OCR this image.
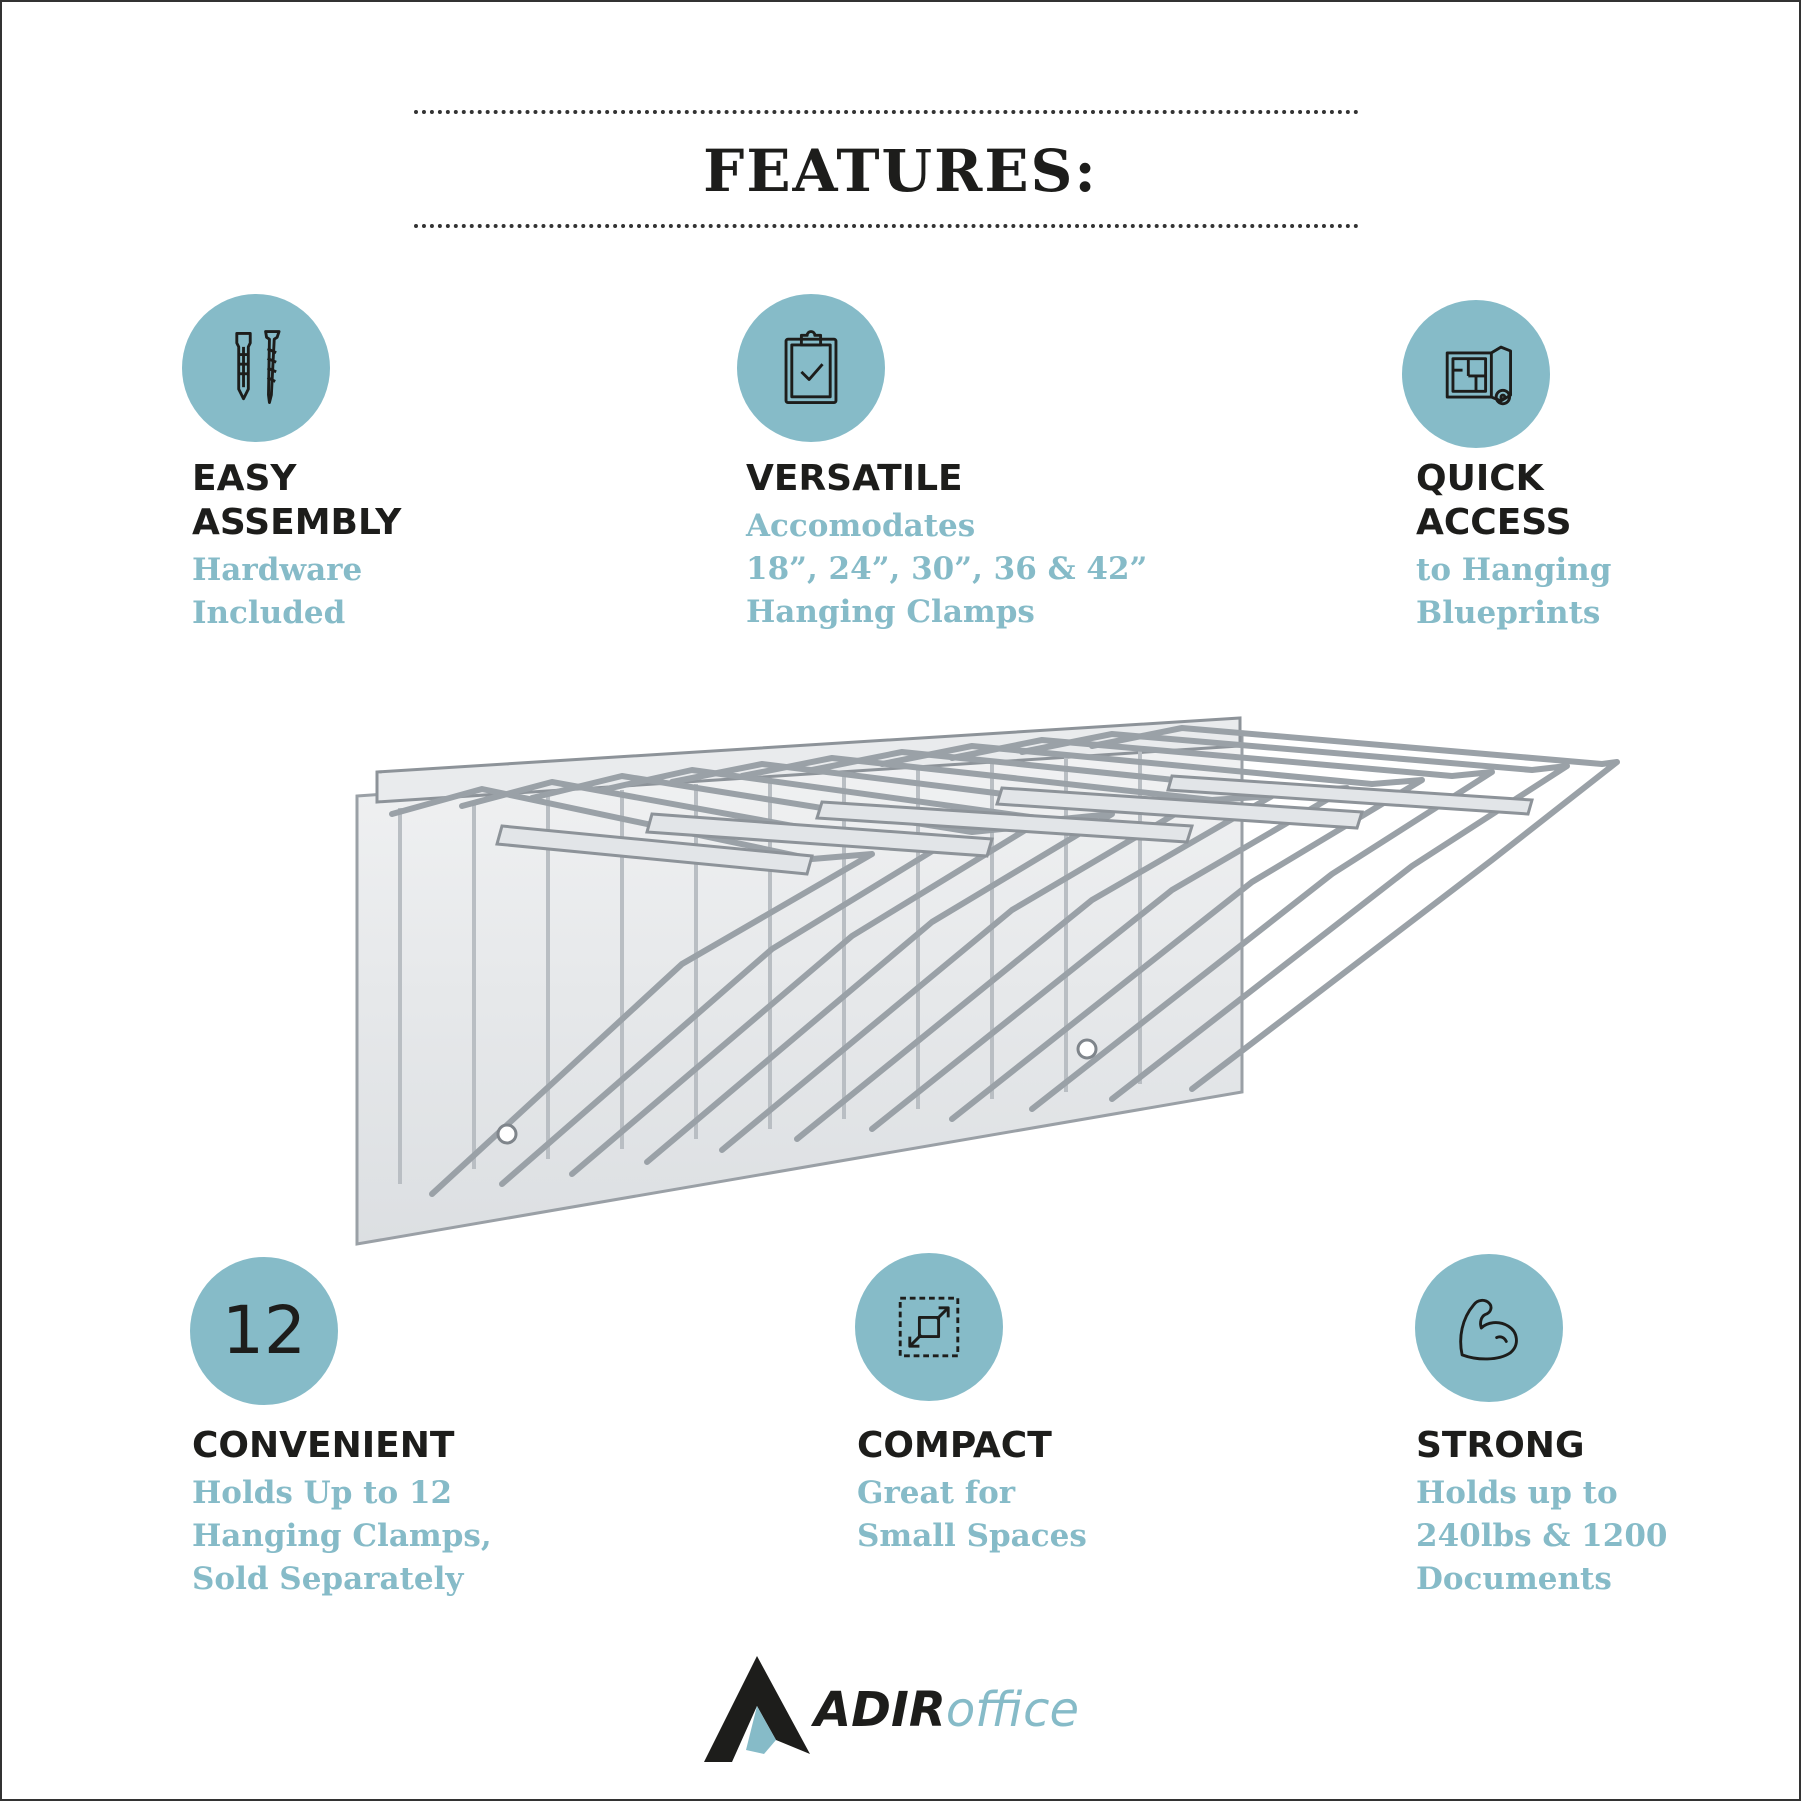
FEATURES:
EASY
ASSEMBLY
Hardware
Included
VERSATILE
Accomodates
18”, 24”, 30”, 36 & 42”
Hanging Clamps
QUICK
ACCESS
to Hanging
Blueprints
12
CONVENIENT
Holds Up to 12
Hanging Clamps,
Sold Separately
COMPACT
Great for
Small Spaces
STRONG
Holds up to
240lbs & 1200
Documents
ADIRoffice
